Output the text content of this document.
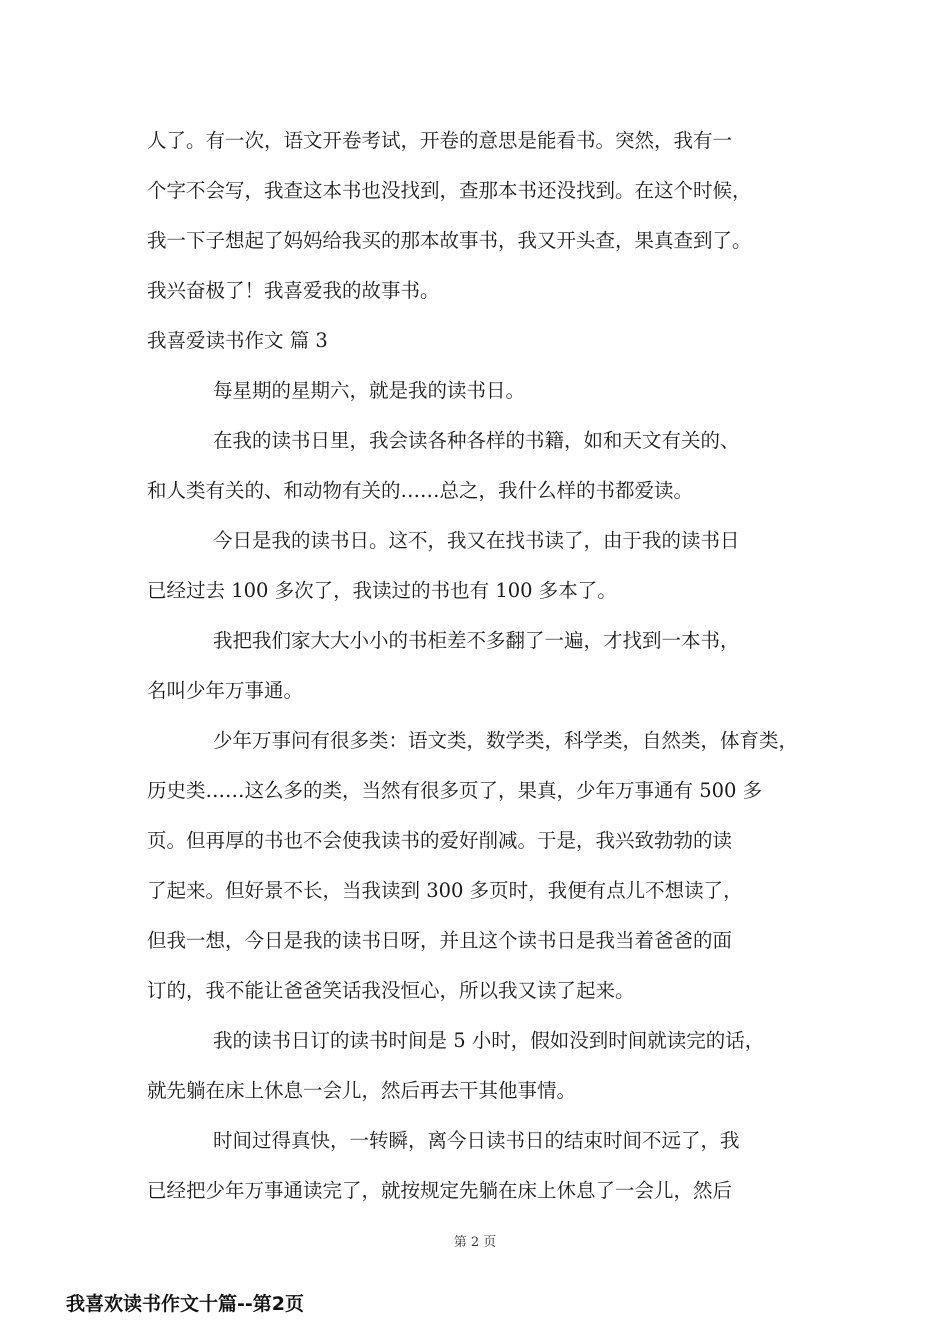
人了。有一次，语文开卷考试，开卷的意思是能看书。突然，我有一
个字不会写，我查这本书也没找到，查那本书还没找到。在这个时候，
我一下子想起了妈妈给我买的那本故事书，我又开头查，果真查到了。
我兴奋极了！我喜爱我的故事书。
我喜爱读书作文 篇 3
每星期的星期六，就是我的读书日。
在我的读书日里，我会读各种各样的书籍，如和天文有关的、
和人类有关的、和动物有关的……总之，我什么样的书都爱读。
今日是我的读书日。这不，我又在找书读了，由于我的读书日
已经过去 100 多次了，我读过的书也有 100 多本了。
我把我们家大大小小的书柜差不多翻了一遍，才找到一本书，
名叫少年万事通。
少年万事问有很多类：语文类，数学类，科学类，自然类，体育类，
历史类……这么多的类，当然有很多页了，果真，少年万事通有 500 多
页。但再厚的书也不会使我读书的爱好削减。于是，我兴致勃勃的读
了起来。但好景不长，当我读到 300 多页时，我便有点儿不想读了，
但我一想，今日是我的读书日呀，并且这个读书日是我当着爸爸的面
订的，我不能让爸爸笑话我没恒心，所以我又读了起来。
我的读书日订的读书时间是 5 小时，假如没到时间就读完的话，
就先躺在床上休息一会儿，然后再去干其他事情。
时间过得真快，一转瞬，离今日读书日的结束时间不远了，我
已经把少年万事通读完了，就按规定先躺在床上休息了一会儿，然后
第 2 页
我喜欢读书作文十篇--第2页
